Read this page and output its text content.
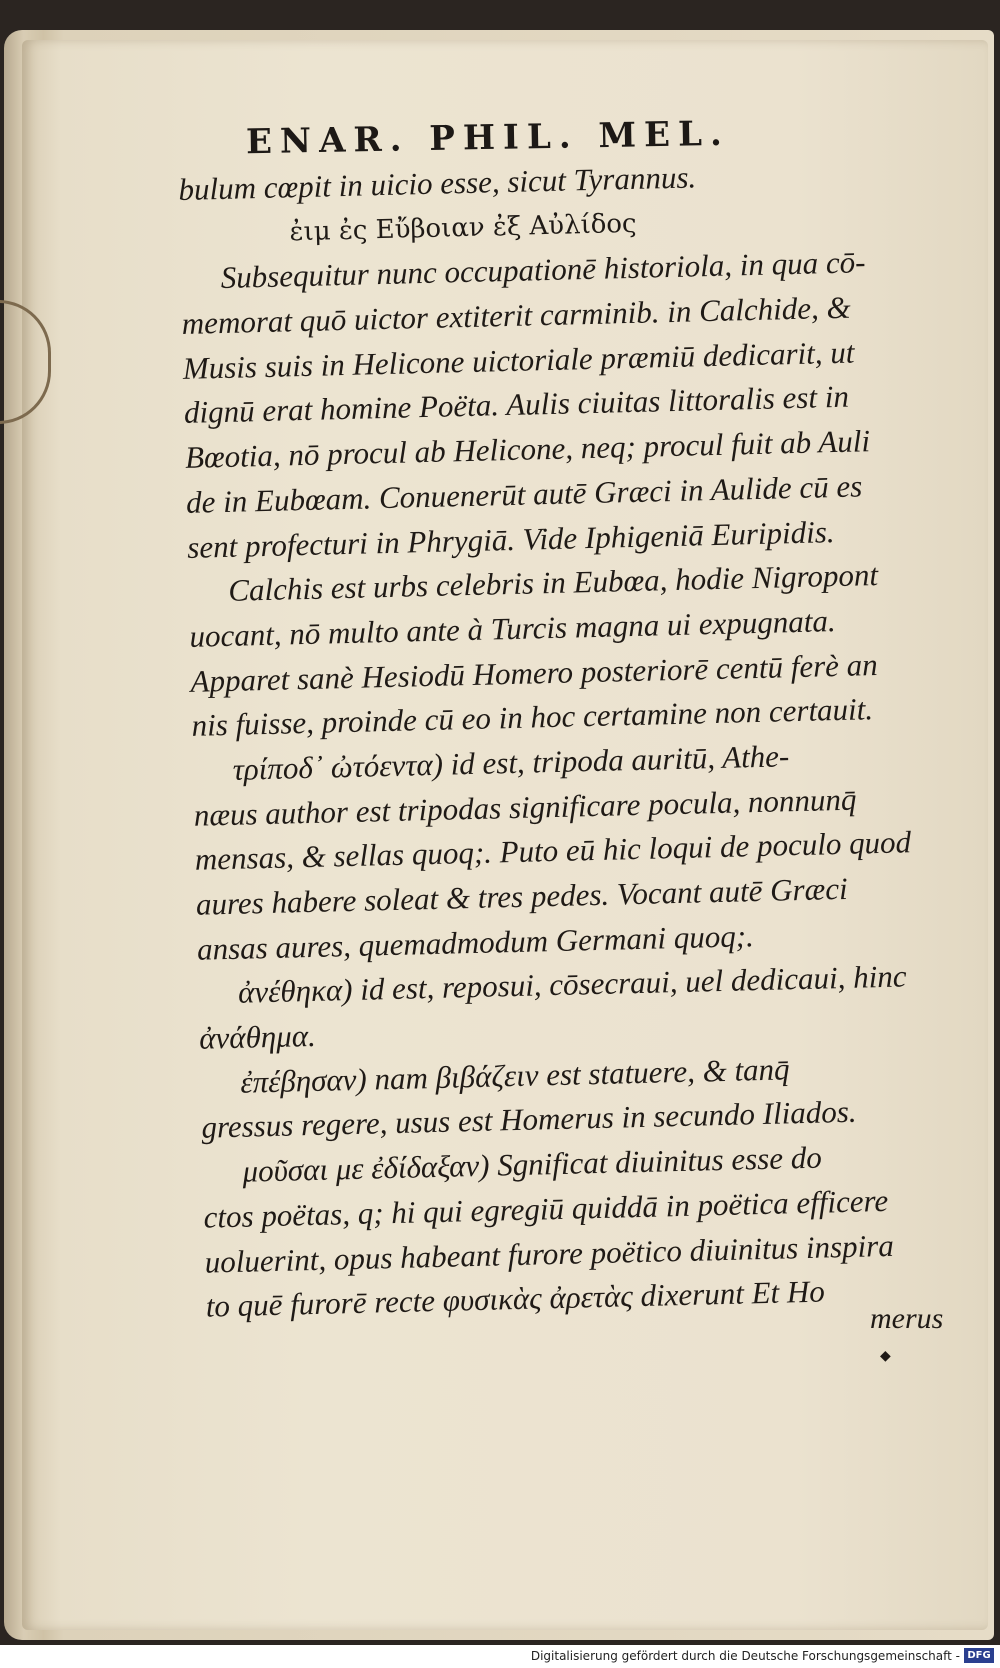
ENAR. PHIL. MEL.
bulum cœpit in uicio esse, sicut Tyrannus.
ἐιμ ἐς Εὔβοιαν ἐξ Αὐλίδος
Subsequitur nunc occupationē historiola, in qua cō-
memorat quō uictor extiterit carminib. in Calchide, &
Musis suis in Helicone uictoriale præmiū dedicarit, ut
dignū erat homine Poëta. Aulis ciuitas littoralis est in
Bœotia, nō procul ab Helicone, neq; procul fuit ab Auli
de in Eubœam. Conuenerūt autē Græci in Aulide cū es
sent profecturi in Phrygiā. Vide Iphigeniā Euripidis.
Calchis est urbs celebris in Eubœa, hodie Nigropont
uocant, nō multo ante à Turcis magna ui expugnata.
Apparet sanè Hesiodū Homero posteriorē centū ferè an
nis fuisse, proinde cū eo in hoc certamine non certauit.
τρίποδ᾽ ὠτόεντα) id est, tripoda auritū, Athe-
næus author est tripodas significare pocula, nonnunq̄
mensas, & sellas quoq;. Puto eū hic loqui de poculo quod
aures habere soleat & tres pedes. Vocant autē Græci
ansas aures, quemadmodum Germani quoq;.
ἀνέθηκα) id est, reposui, cōsecraui, uel dedicaui, hinc
ἀνάθημα.
ἐπέβησαν) nam βιβάζειν est statuere, & tanq̄
gressus regere, usus est Homerus in secundo Iliados.
μοῦσαι με ἐδίδαξαν) Sgnificat diuinitus esse do
ctos poëtas, q; hi qui egregiū quiddā in poëtica efficere
uoluerint, opus habeant furore poëtico diuinitus inspira
to quē furorē recte φυσικὰς ἀρετὰς dixerunt Et Ho	merus
◆
Digitalisierung gefördert durch die Deutsche Forschungsgemeinschaft - DFG
